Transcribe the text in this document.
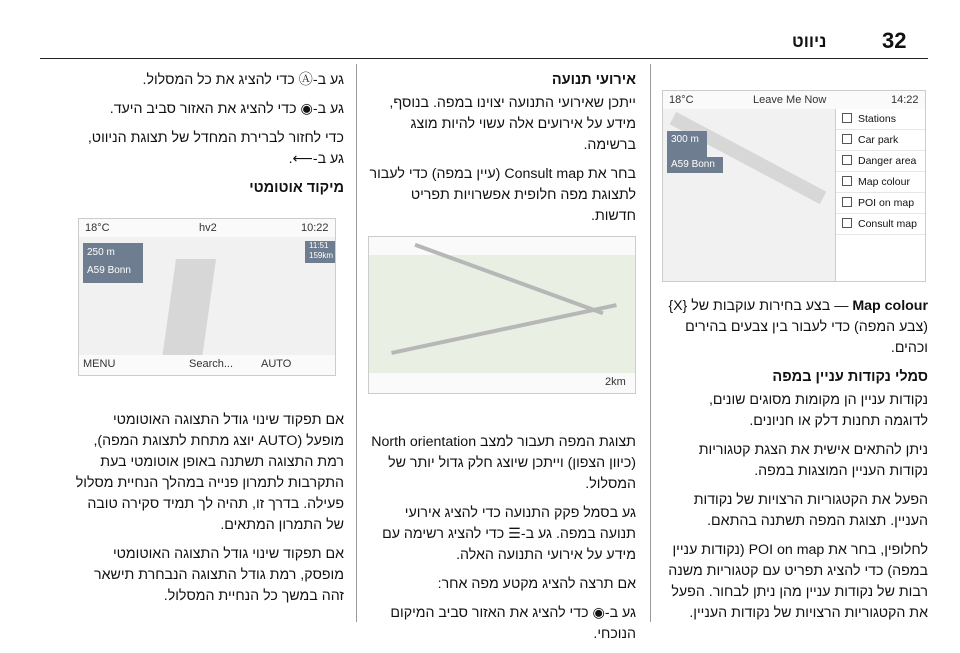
32
ניווט
18°C	Leave Me Now	14:22
300 m
A59 Bonn
Stations
Car park
Danger area
Map colour
POI on map
Consult map

Map colour — בצע בחירות עוקבות של {X} (צבע המפה) כדי לעבור בין צבעים בהירים וכהים.

סמלי נקודות עניין במפה

נקודות עניין הן מקומות מסוגים שונים, לדוגמה תחנות דלק או חניונים.

ניתן להתאים אישית את הצגת קטגוריות נקודות העניין המוצגות במפה.

הפעל את הקטגוריות הרצויות של נקודות העניין. תצוגת המפה תשתנה בהתאם.

לחלופין, בחר את POI on map (נקודות עניין במפה) כדי להציג תפריט עם קטגוריות משנה רבות של נקודות עניין מהן ניתן לבחור. הפעל את הקטגוריות הרצויות של נקודות העניין.

אירועי תנועה

ייתכן שאירועי התנועה יצוינו במפה. בנוסף, מידע על אירועים אלה עשוי להיות מוצג ברשימה.

בחר את Consult map (עיין במפה) כדי לעבור לתצוגת מפה חלופית אפשרויות תפריט חדשות.

2km

תצוגת המפה תעבור למצב North orientation (כיוון הצפון) וייתכן שיוצג חלק גדול יותר של המסלול.

גע בסמל פקק התנועה כדי להציג אירועי תנועה במפה. גע ב-☰ כדי להציג רשימה עם מידע על אירועי התנועה האלה.

אם תרצה להציג מקטע מפה אחר:

גע ב-◉ כדי להציג את האזור סביב המיקום הנוכחי.

גע ב-Ⓐ כדי להציג את כל המסלול.

גע ב-◉ כדי להציג את האזור סביב היעד.

כדי לחזור לברירת המחדל של תצוגת הניווט, גע ב-⟵.

מיקוד אוטומטי
18°C	hv2	10:22
250 m
A59 Bonn
11:51
159km
MENU	Search...	AUTO

אם תפקוד שינוי גודל התצוגה האוטומטי מופעל (AUTO יוצג מתחת לתצוגת המפה), רמת התצוגה תשתנה באופן אוטומטי בעת התקרבות לתמרון פנייה במהלך הנחיית מסלול פעילה. בדרך זו, תהיה לך תמיד סקירה טובה של התמרון המתאים.

אם תפקוד שינוי גודל התצוגה האוטומטי מופסק, רמת גודל התצוגה הנבחרת תישאר זהה במשך כל הנחיית המסלול.
